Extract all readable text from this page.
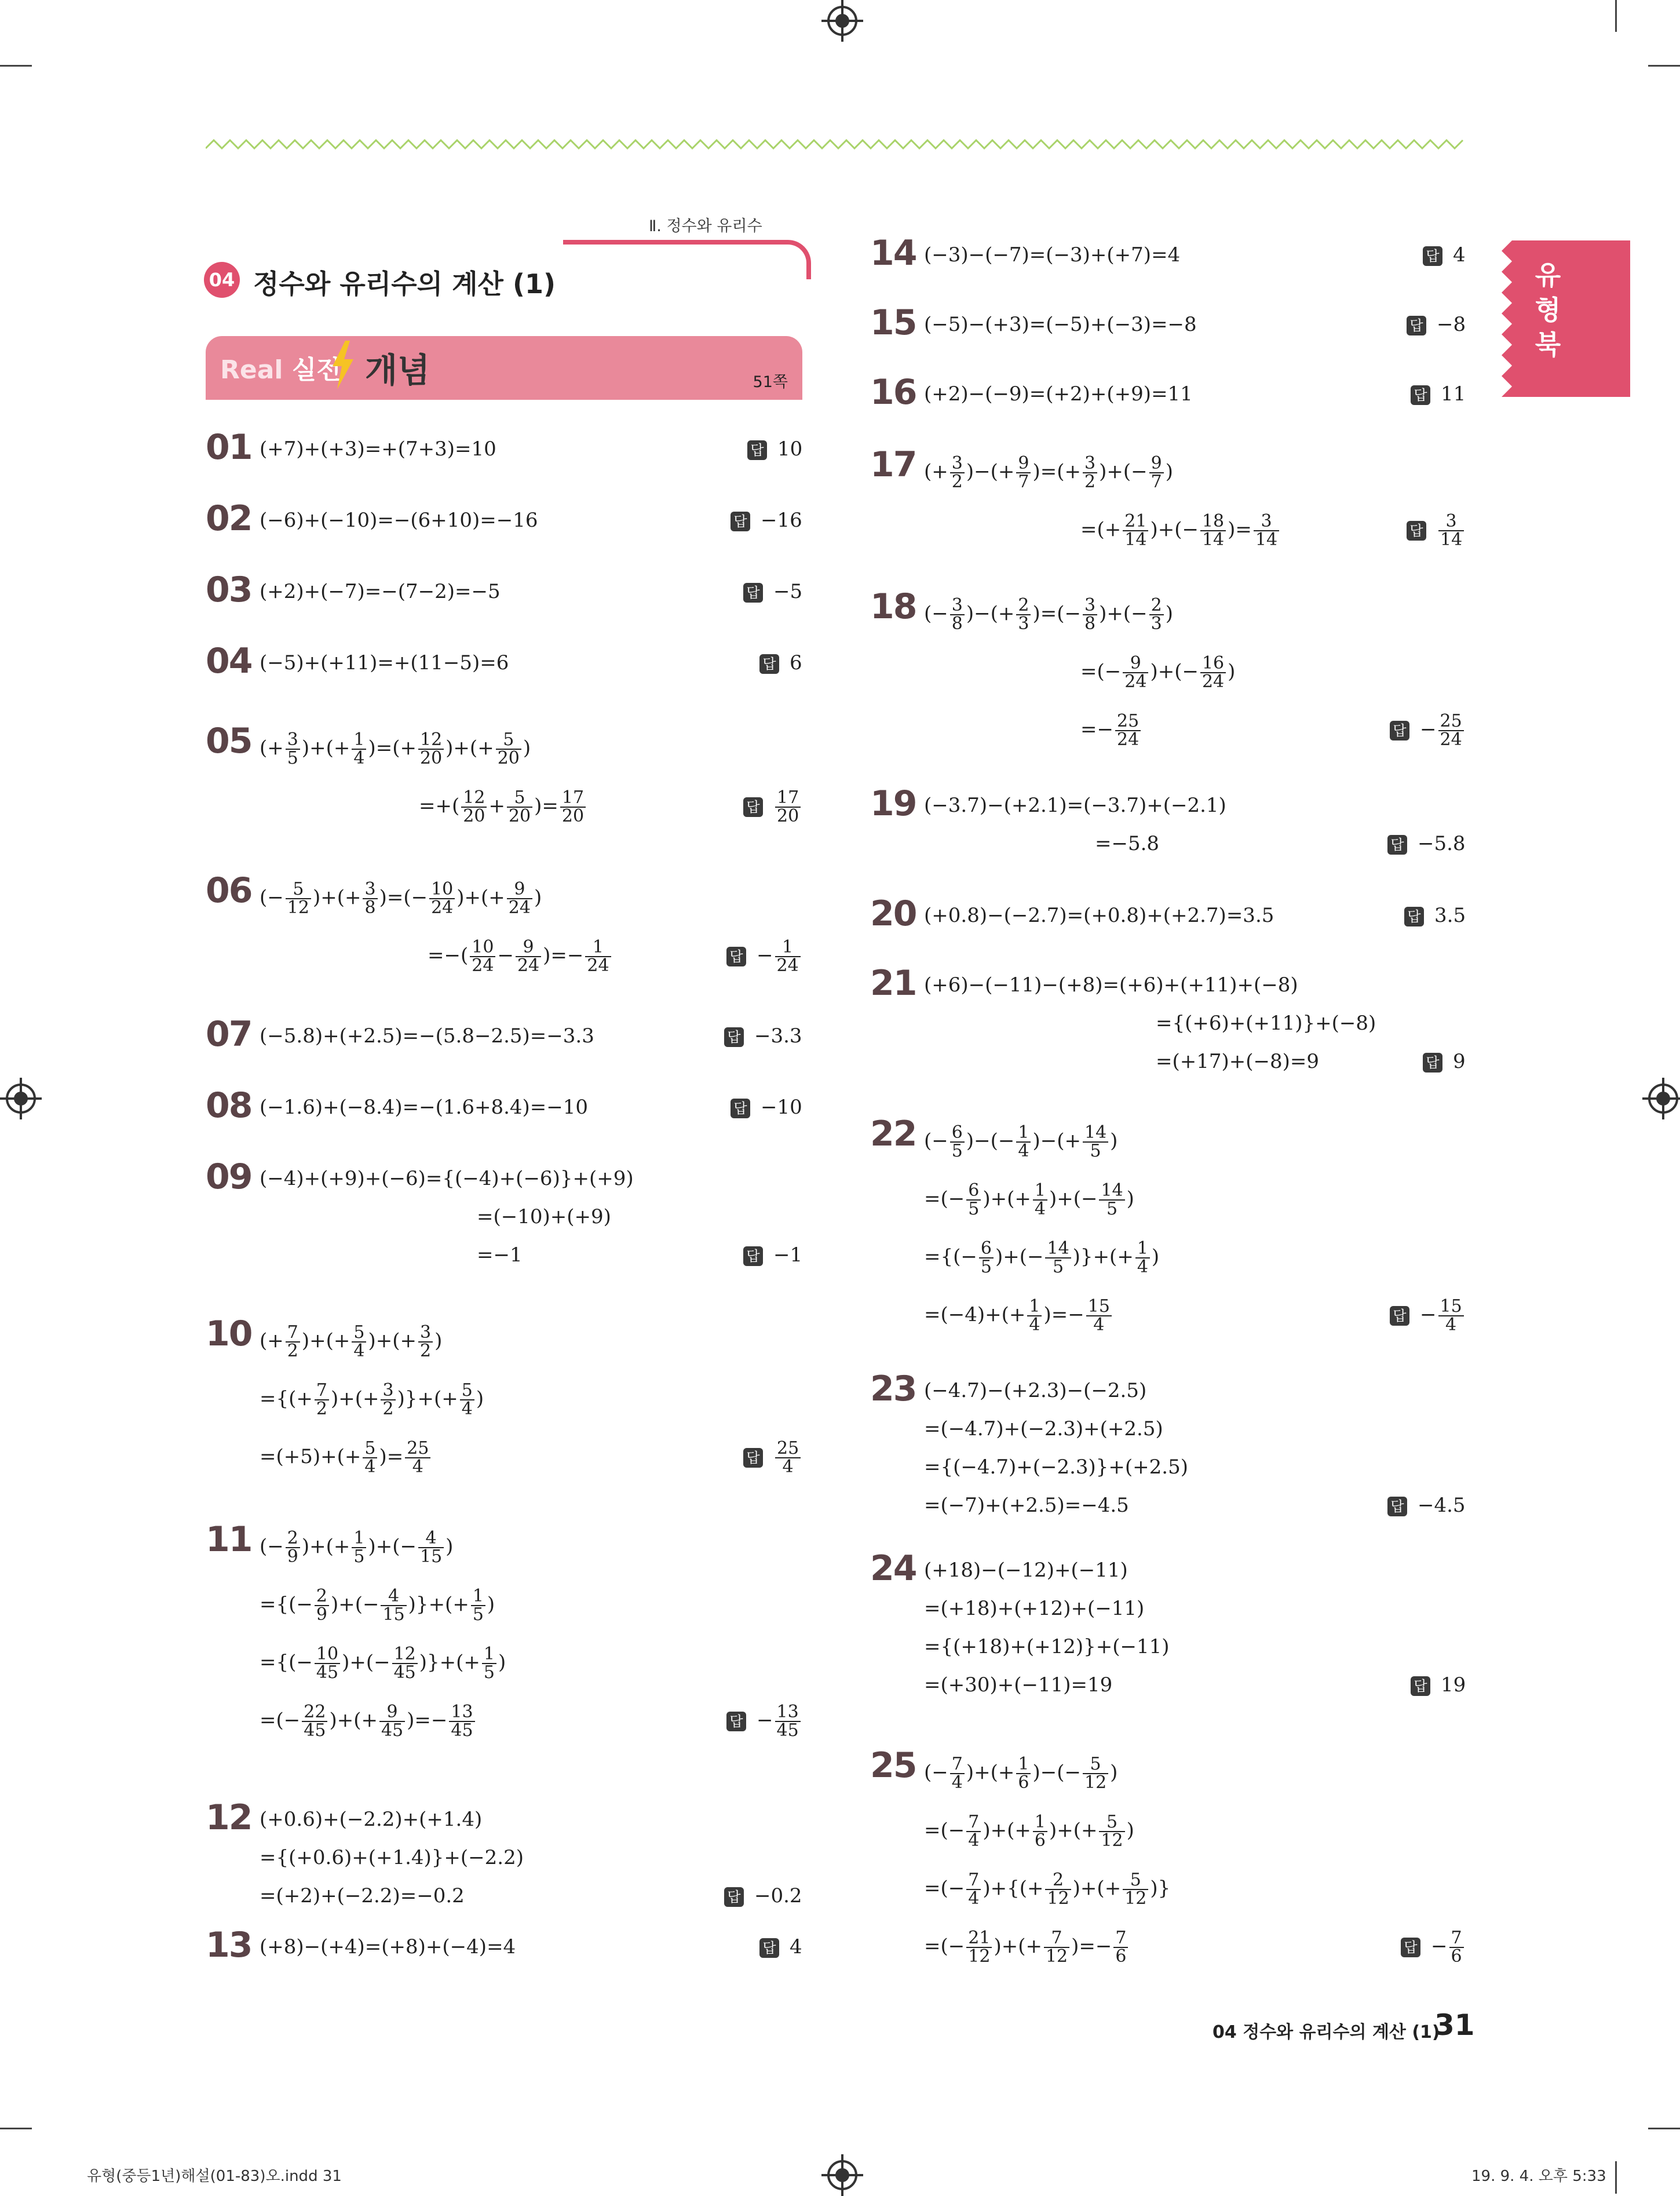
Ⅱ. 정수와 유리수
04 정수와 유리수의 계산 (1)
Real 실전 개념	51쪽
유형북
01 (+7)+(+3)=+(7+3)=10	답 10
02 (−6)+(−10)=−(6+10)=−16	답 −16
03 (+2)+(−7)=−(7−2)=−5	답 −5
04 (−5)+(+11)=+(11−5)=6	답 6
05 (+ $\frac{3}{5}$ )+(+ $\frac{1}{4}$ )=(+ $\frac{12}{20}$ )+(+ $\frac{5}{20}$ )
=+( $\frac{12}{20} + \frac{5}{20}$ )= $\frac{17}{20}$	답 $\frac{17}{20}$
06 (− $\frac{5}{12}$ )+(+ $\frac{3}{8}$ )=(− $\frac{10}{24}$ )+(+ $\frac{9}{24}$ )
=−( $\frac{10}{24} - \frac{9}{24}$ )=− $\frac{1}{24}$	답 − $\frac{1}{24}$
07 (−5.8)+(+2.5)=−(5.8−2.5)=−3.3	답 −3.3
08 (−1.6)+(−8.4)=−(1.6+8.4)=−10	답 −10
09 (−4)+(+9)+(−6)={(−4)+(−6)}+(+9)
=(−10)+(+9)
=−1	답 −1
10 (+ $\frac{7}{2}$ )+(+ $\frac{5}{4}$ )+(+ $\frac{3}{2}$ )
={(+ $\frac{7}{2}$ )+(+ $\frac{3}{2}$ )}+(+ $\frac{5}{4}$ )
$=(+5)+(+ \frac{5}{4}$ )= $\frac{25}{4}$	답 $\frac{25}{4}$
11 (− $\frac{2}{9}$ )+(+ $\frac{1}{5}$ )+(− $\frac{4}{15}$ )
={(− $\frac{2}{9}$ )+(− $\frac{4}{15}$ )}+(+ $\frac{1}{5}$ )
={(− $\frac{10}{45}$ )+(− $\frac{12}{45}$ )}+(+ $\frac{1}{5}$ )
=(− $\frac{22}{45}$ )+(+ $\frac{9}{45}$ )=− $\frac{13}{45}$	답 − $\frac{13}{45}$
12 (+0.6)+(−2.2)+(+1.4)
={(+0.6)+(+1.4)}+(−2.2)
=(+2)+(−2.2)=−0.2	답 −0.2
13 (+8)−(+4)=(+8)+(−4)=4	답 4
14 (−3)−(−7)=(−3)+(+7)=4	답 4
15 (−5)−(+3)=(−5)+(−3)=−8	답 −8
16 (+2)−(−9)=(+2)+(+9)=11	답 11
17 (+ $\frac{3}{2}$ )−(+ $\frac{9}{7}$ )=(+ $\frac{3}{2}$ )+(− $\frac{9}{7}$ )
=(+ $\frac{21}{14}$ )+(− $\frac{18}{14}$ )= $\frac{3}{14}$	답 $\frac{3}{14}$
18 (− $\frac{3}{8}$ )−(+ $\frac{2}{3}$ )=(− $\frac{3}{8}$ )+(− $\frac{2}{3}$ )
=(− $\frac{9}{24}$ )+(− $\frac{16}{24}$ )
=− $\frac{25}{24}$	답 − $\frac{25}{24}$
19 (−3.7)−(+2.1)=(−3.7)+(−2.1)
=−5.8	답 −5.8
20 (+0.8)−(−2.7)=(+0.8)+(+2.7)=3.5	답 3.5
21 (+6)−(−11)−(+8)=(+6)+(+11)+(−8)
={(+6)+(+11)}+(−8)
=(+17)+(−8)=9	답 9
22 (− $\frac{6}{5}$ )−(− $\frac{1}{4}$ )−(+ $\frac{14}{5}$ )
=(− $\frac{6}{5}$ )+(+ $\frac{1}{4}$ )+(− $\frac{14}{5}$ )
={(− $\frac{6}{5}$ )+(− $\frac{14}{5}$ )}+(+ $\frac{1}{4}$ )
$=(-4)+(+ \frac{1}{4}$ )=− $\frac{15}{4}$	답 − $\frac{15}{4}$
23 (−4.7)−(+2.3)−(−2.5)
=(−4.7)+(−2.3)+(+2.5)
={(−4.7)+(−2.3)}+(+2.5)
=(−7)+(+2.5)=−4.5	답 −4.5
24 (+18)−(−12)+(−11)
=(+18)+(+12)+(−11)
={(+18)+(+12)}+(−11)
=(+30)+(−11)=19	답 19
25 (− $\frac{7}{4}$ )+(+ $\frac{1}{6}$ )−(− $\frac{5}{12}$ )
=(− $\frac{7}{4}$ )+(+ $\frac{1}{6}$ )+(+ $\frac{5}{12}$ )
=(− $\frac{7}{4}$ )+{(+ $\frac{2}{12}$ )+(+ $\frac{5}{12}$ )}
=(− $\frac{21}{12}$ )+(+ $\frac{7}{12}$ )=− $\frac{7}{6}$	답 − $\frac{7}{6}$
04 정수와 유리수의 계산 (1)
31
유형(중등1년)해설(01-83)오.indd 31	19. 9. 4. 오후 5:33
